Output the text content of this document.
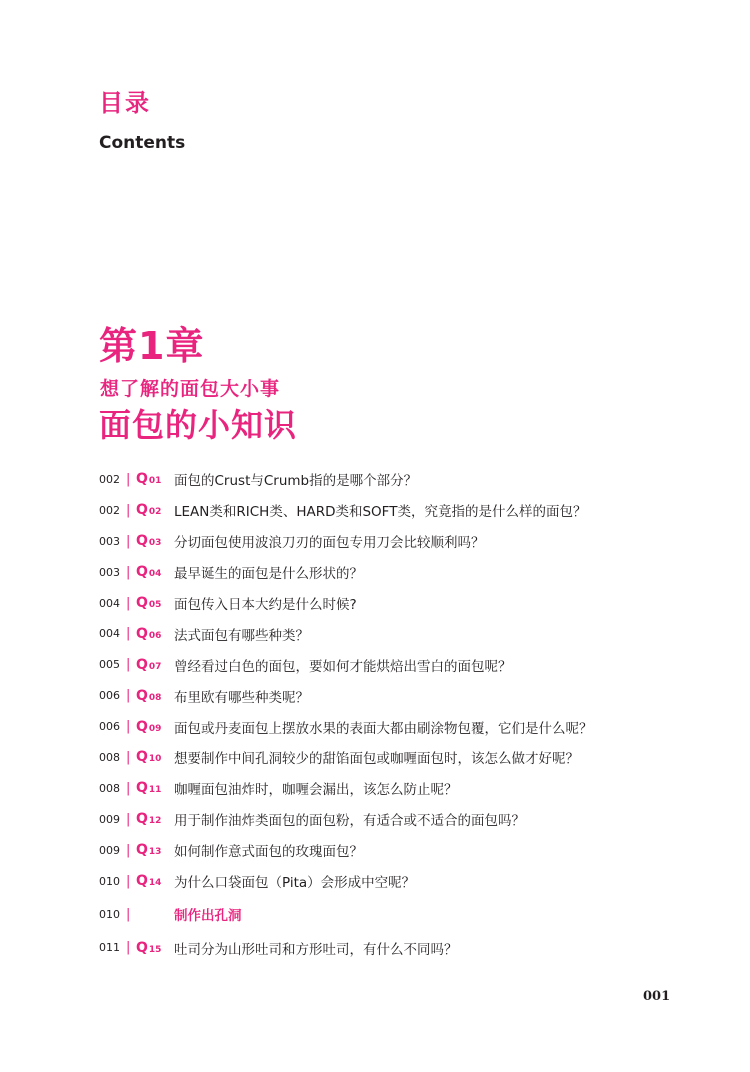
目录
Contents
第1章
想了解的面包大小事
面包的小知识
002 | Q 01 面包的Crust与Crumb指的是哪个部分？
002 | Q 02 LEAN类和RICH类、HARD类和SOFT类，究竟指的是什么样的面包？
003 | Q 03 分切面包使用波浪刀刃的面包专用刀会比较顺利吗？
003 | Q 04 最早诞生的面包是什么形状的？
004 | Q 05 面包传入日本大约是什么时候?
004 | Q 06 法式面包有哪些种类？
005 | Q 07 曾经看过白色的面包，要如何才能烘焙出雪白的面包呢？
006 | Q 08 布里欧有哪些种类呢？
006 | Q 09 面包或丹麦面包上摆放水果的表面大都由刷涂物包覆，它们是什么呢？
008 | Q 10 想要制作中间孔洞较少的甜馅面包或咖喱面包时，该怎么做才好呢？
008 | Q 11 咖喱面包油炸时，咖喱会漏出，该怎么防止呢？
009 | Q 12 用于制作油炸类面包的面包粉，有适合或不适合的面包吗？
009 | Q 13 如何制作意式面包的玫瑰面包？
010 | Q 14 为什么口袋面包（Pita）会形成中空呢？
010 |	制作出孔洞
011 | Q 15 吐司分为山形吐司和方形吐司，有什么不同吗？
001
